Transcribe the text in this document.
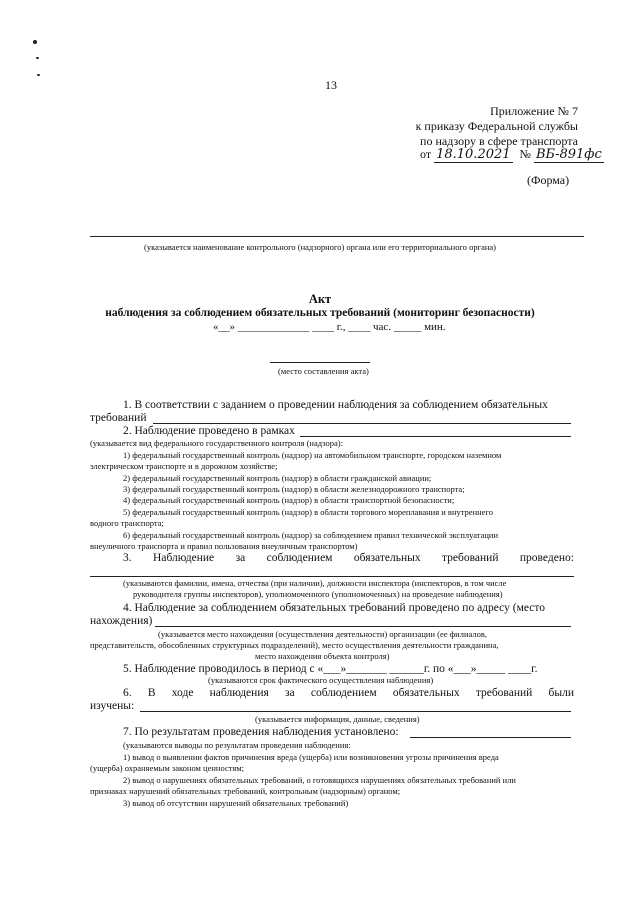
13
Приложение № 7
к приказу Федеральной службы
по надзору в сфере транспорта
от 18.10.2021 № ВБ-891фс
(Форма)
(указывается наименование контрольного (надзорного) органа или его территориального органа)
Акт
наблюдения за соблюдением обязательных требований (мониторинг безопасности)
«__» _____________ ____ г., ____ час. _____ мин.
(место составления акта)
1. В соответствии с заданием о проведении наблюдения за соблюдением обязательных
требований
2. Наблюдение проведено в рамках
(указывается вид федерального государственного контроля (надзора):
1) федеральный государственный контроль (надзор) на автомобильном транспорте, городском наземном
электрическом транспорте и в дорожном хозяйстве;
2) федеральный государственный контроль (надзор) в области гражданской авиации;
3) федеральный государственный контроль (надзор) в области железнодорожного транспорта;
4) федеральный государственный контроль (надзор) в области транспортной безопасности;
5) федеральный государственный контроль (надзор) в области торгового мореплавания и внутреннего
водного транспорта;
6) федеральный государственный контроль (надзор) за соблюдением правил технической эксплуатации
внеуличного транспорта и правил пользования внеуличным транспортом)
3. Наблюдение за соблюдением обязательных требований проведено:
(указываются фамилии, имена, отчества (при наличии), должности инспектора (инспекторов, в том числе
руководителя группы инспекторов), уполномоченного (уполномоченных) на проведение наблюдения)
4. Наблюдение за соблюдением обязательных требований проведено по адресу (место
нахождения)
(указывается место нахождения (осуществления деятельности) организации (ее филиалов,
представительств, обособленных структурных подразделений), место осуществления деятельности гражданина,
место нахождения объекта контроля)
5. Наблюдение проводилось в период с «___»_______ ______г. по «___»_____ ____г.
(указываются срок фактического осуществления наблюдения)
6. В ходе наблюдения за соблюдением обязательных требований были
изучены:
(указывается информация, данные, сведения)
7. По результатам проведения наблюдения установлено:
(указываются выводы по результатам проведения наблюдения:
1) вывод о выявлении фактов причинения вреда (ущерба) или возникновения угрозы причинения вреда
(ущерба) охраняемым законом ценностям;
2) вывод о нарушениях обязательных требований, о готовящихся нарушениях обязательных требований или
признаках нарушений обязательных требований, контрольным (надзорным) органом;
3) вывод об отсутствии нарушений обязательных требований)
